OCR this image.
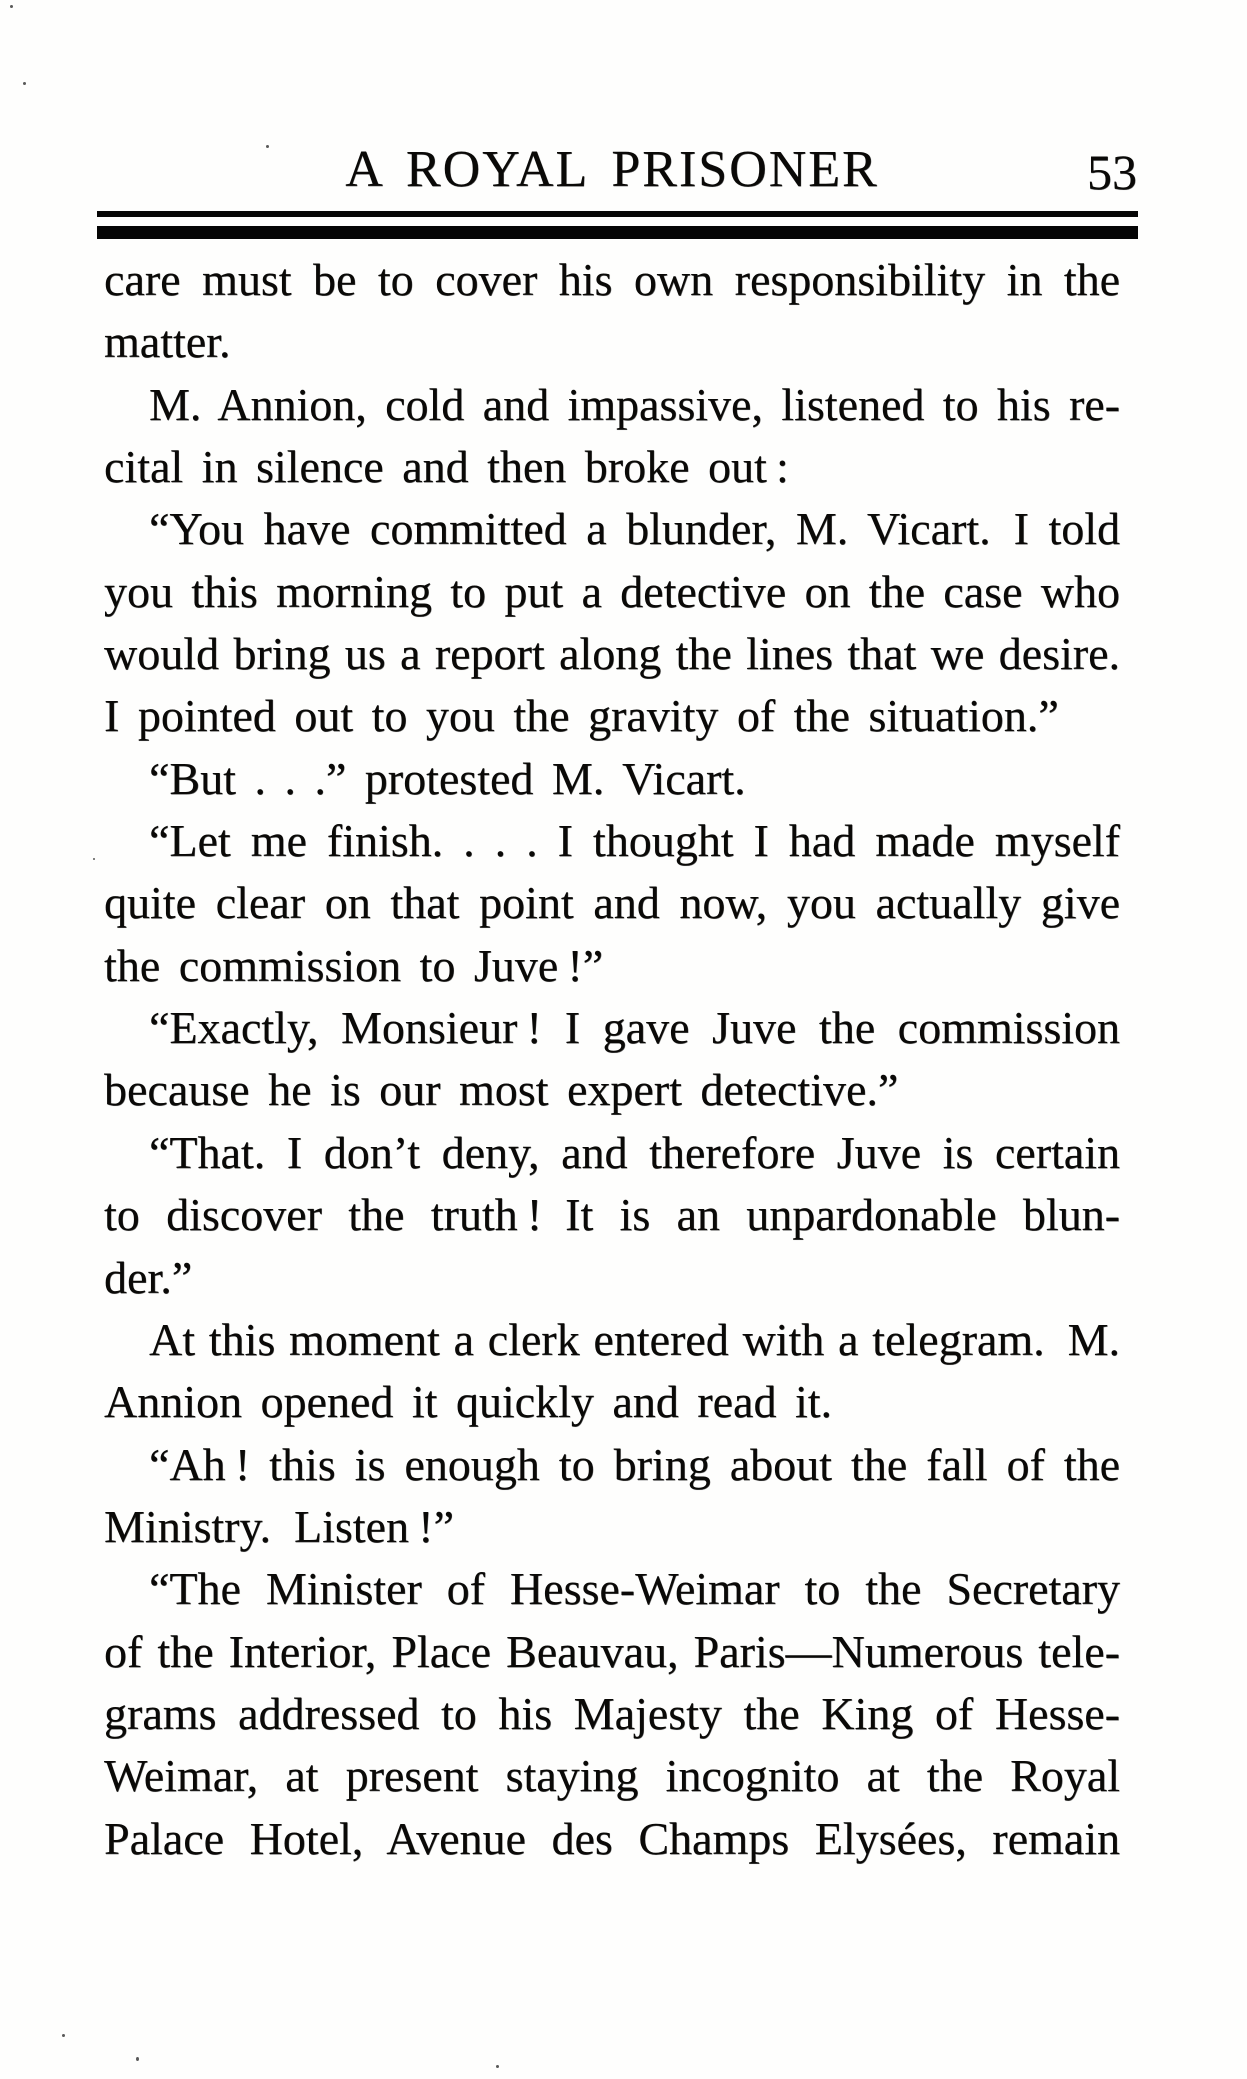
A ROYAL PRISONER	53
care must be to cover his own responsibility in the
matter.
M. Annion, cold and impassive, listened to his re-
cital in silence and then broke out :
“You have committed a blunder, M. Vicart. I told
you this morning to put a detective on the case who
would bring us a report along the lines that we desire.
I pointed out to you the gravity of the situation.”
“But . . .” protested M. Vicart.
“Let me finish. . . . I thought I had made myself
quite clear on that point and now, you actually give
the commission to Juve !”
“Exactly, Monsieur ! I gave Juve the commission
because he is our most expert detective.”
“That. I don’t deny, and therefore Juve is certain
to discover the truth ! It is an unpardonable blun-
der.”
At this moment a clerk entered with a telegram. M.
Annion opened it quickly and read it.
“Ah ! this is enough to bring about the fall of the
Ministry. Listen !”
“The Minister of Hesse-Weimar to the Secretary
of the Interior, Place Beauvau, Paris—Numerous tele-
grams addressed to his Majesty the King of Hesse-
Weimar, at present staying incognito at the Royal
Palace Hotel, Avenue des Champs Elysées, remain
